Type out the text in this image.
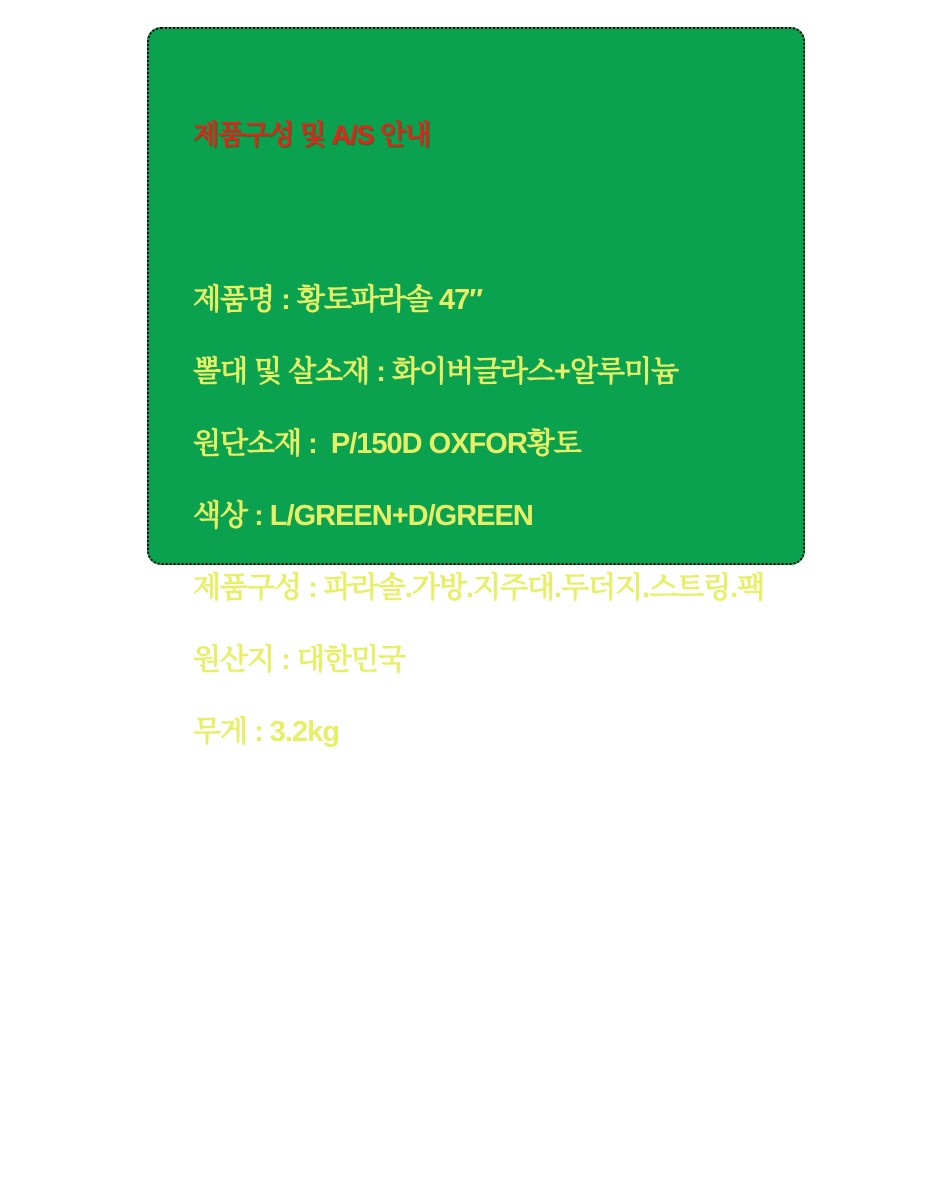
제품구성 및 A/S 안내

제품명 : 황토파라솔 47″

뽈대 및 살소재 : 화이버글라스+알루미늄

원단소재 :  P/150D OXFOR황토

색상 : L/GREEN+D/GREEN

제품구성 : 파라솔.가방.지주대.두더지.스트링.팩

원산지 : 대한민국

무게 : 3.2kg

A/S 접수처

호봉실업 주소 : 경기 시흥시 대야동 457-1

전화 : 031-318-5475 FAX : 031-312-8913
